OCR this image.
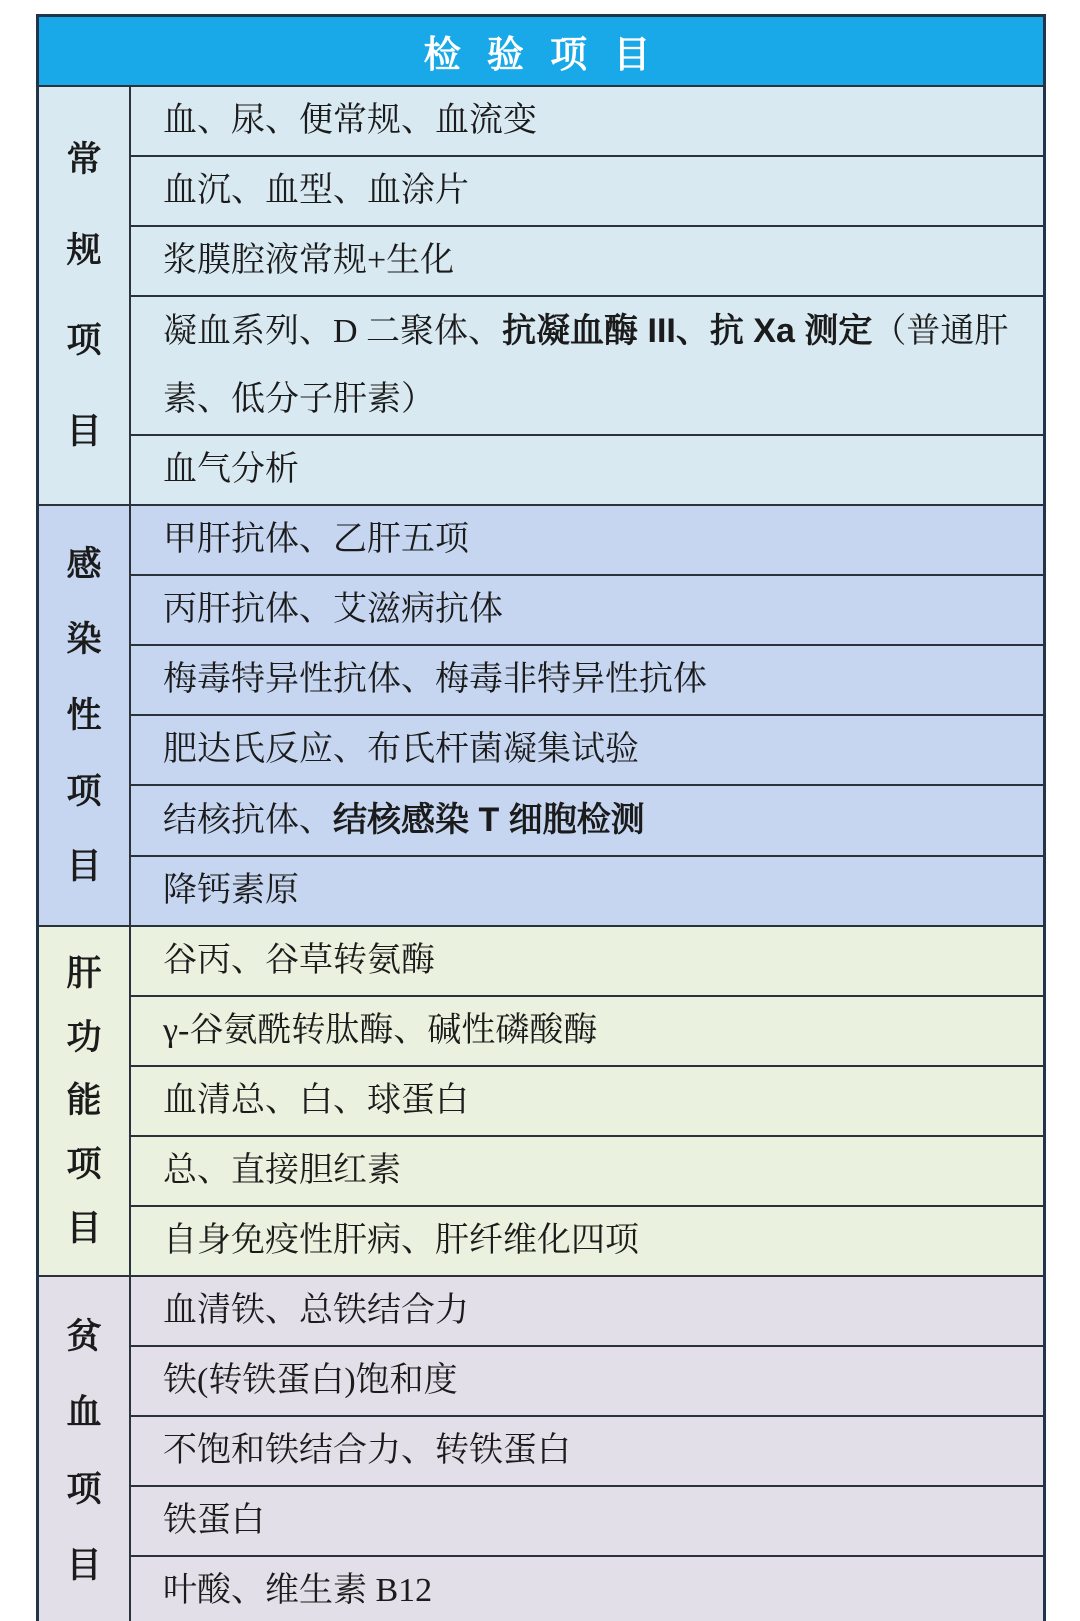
检 验 项 目
常
规
项
目
血、尿、便常规、血流变
血沉、血型、血涂片
浆膜腔液常规+生化
凝血系列、D 二聚体、抗凝血酶 III、抗 Xa 测定（普通肝素、低分子肝素）
血气分析
感
染
性
项
目
甲肝抗体、乙肝五项
丙肝抗体、艾滋病抗体
梅毒特异性抗体、梅毒非特异性抗体
肥达氏反应、布氏杆菌凝集试验
结核抗体、结核感染 T 细胞检测
降钙素原
肝
功
能
项
目
谷丙、谷草转氨酶
γ-谷氨酰转肽酶、碱性磷酸酶
血清总、白、球蛋白
总、直接胆红素
自身免疫性肝病、肝纤维化四项
贫
血
项
目
血清铁、总铁结合力
铁(转铁蛋白)饱和度
不饱和铁结合力、转铁蛋白
铁蛋白
叶酸、维生素 B12
